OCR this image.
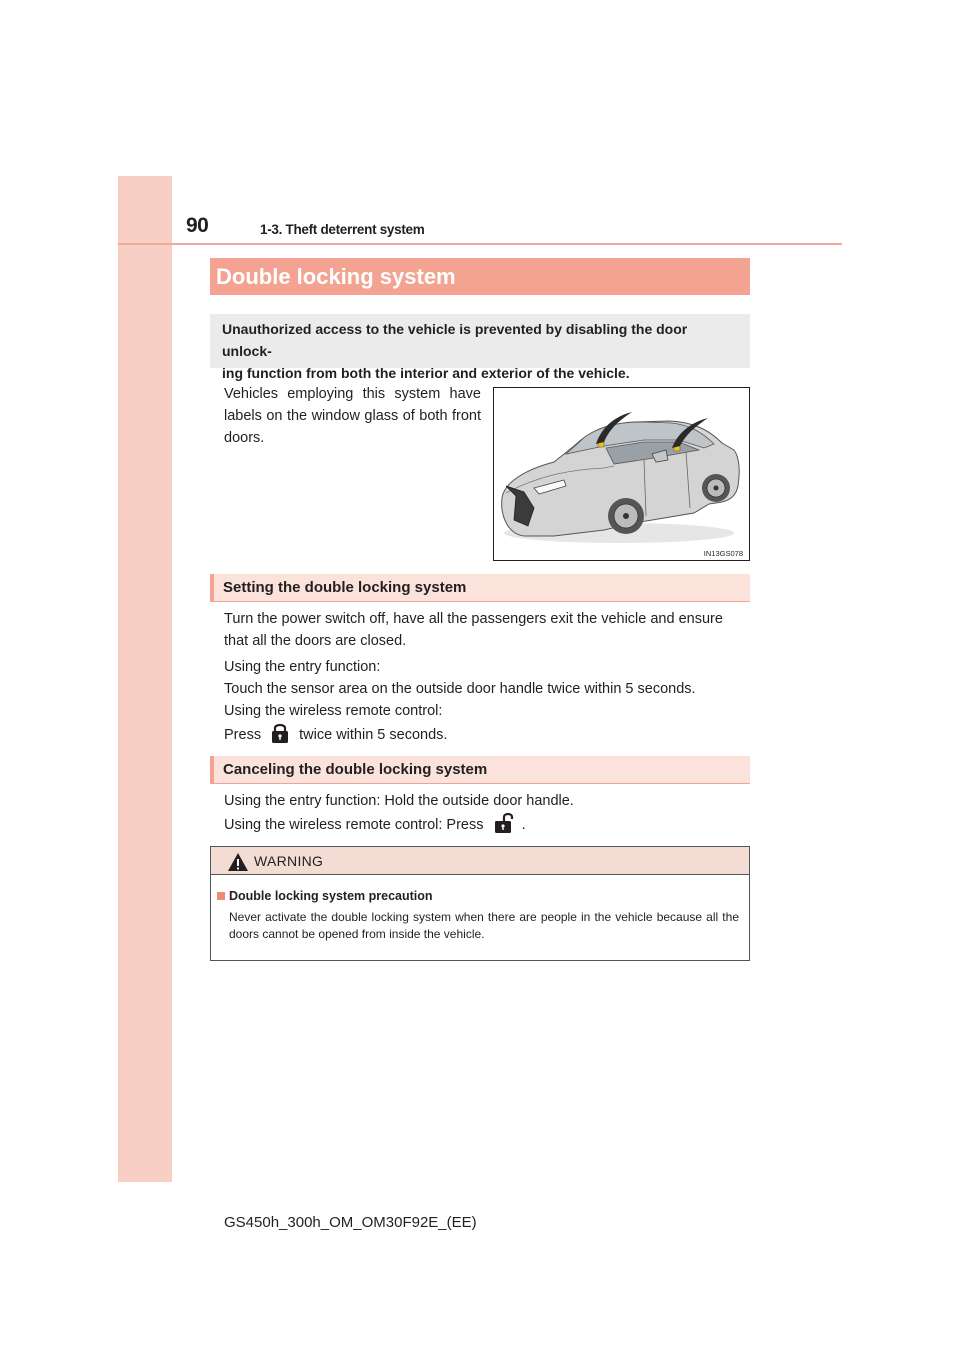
90	1-3. Theft deterrent system
Double locking system
Unauthorized access to the vehicle is prevented by disabling the door unlock-
ing function from both the interior and exterior of the vehicle.
Vehicles employing this system have labels on the window glass of both front doors.
IN13GS078
Setting the double locking system
Turn the power switch off, have all the passengers exit the vehicle and ensure that all the doors are closed.
Using the entry function:
Touch the sensor area on the outside door handle twice within 5 seconds.
Using the wireless remote control:
Press	twice within 5 seconds.
Canceling the double locking system
Using the entry function: Hold the outside door handle.
Using the wireless remote control: Press	.
WARNING
Double locking system precaution
Never activate the double locking system when there are people in the vehicle because all the doors cannot be opened from inside the vehicle.
GS450h_300h_OM_OM30F92E_(EE)
